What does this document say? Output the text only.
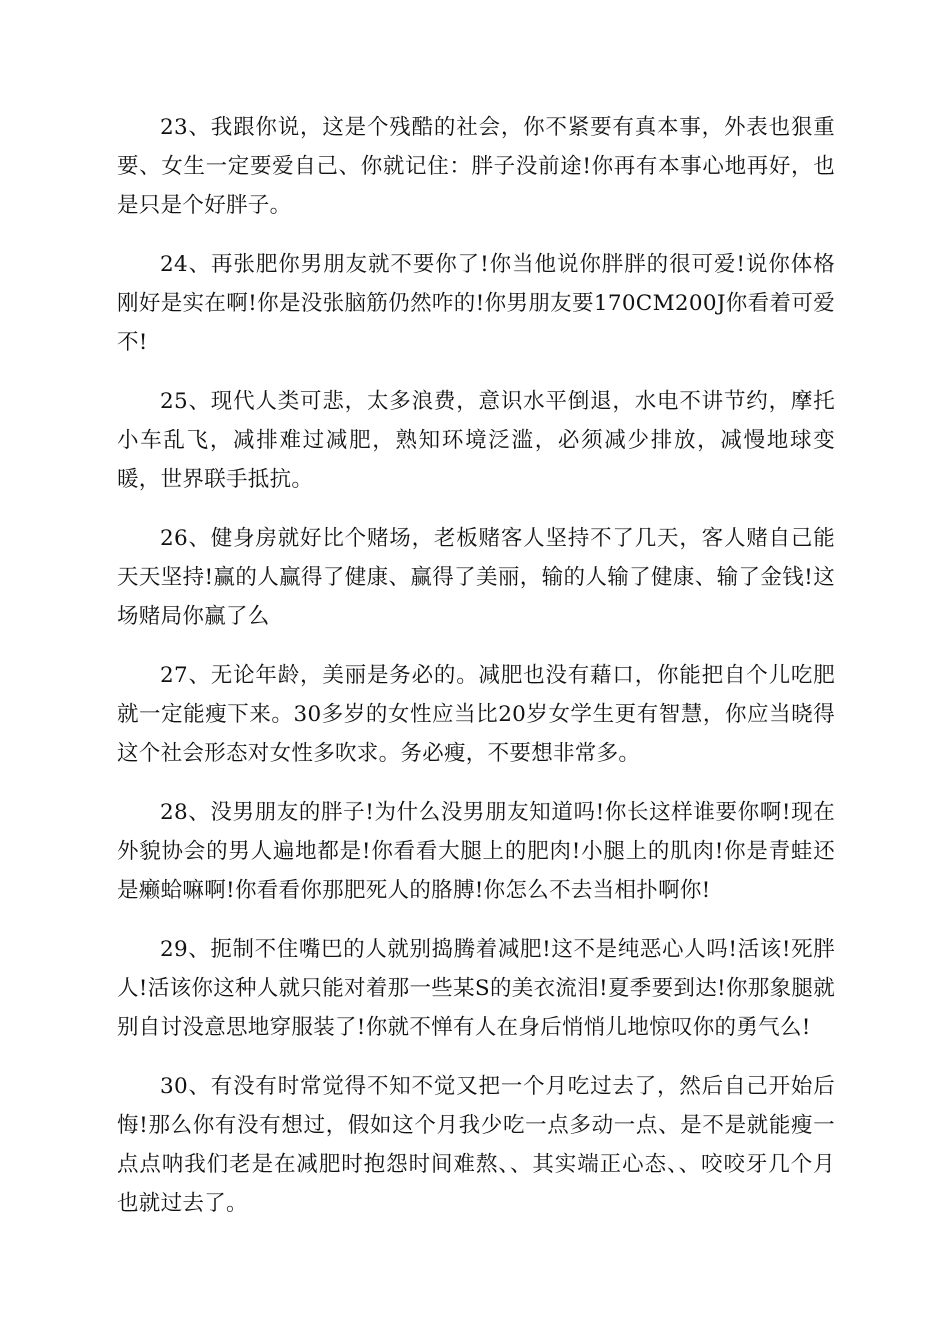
23、我跟你说，这是个残酷的社会，你不紧要有真本事，外表也狠重要、女生一定要爱自己、你就记住：胖子没前途!你再有本事心地再好，也是只是个好胖子。

24、再张肥你男朋友就不要你了!你当他说你胖胖的很可爱!说你体格刚好是实在啊!你是没张脑筋仍然咋的!你男朋友要170CM200J你看着可爱不!

25、现代人类可悲，太多浪费，意识水平倒退，水电不讲节约，摩托小车乱飞，减排难过减肥，熟知环境泛滥，必须减少排放，减慢地球变暖，世界联手抵抗。

26、健身房就好比个赌场，老板赌客人坚持不了几天，客人赌自己能天天坚持!赢的人赢得了健康、赢得了美丽，输的人输了健康、输了金钱!这场赌局你赢了么

27、无论年龄，美丽是务必的。减肥也没有藉口，你能把自个儿吃肥就一定能瘦下来。30多岁的女性应当比20岁女学生更有智慧，你应当晓得这个社会形态对女性多吹求。务必瘦，不要想非常多。

28、没男朋友的胖子!为什么没男朋友知道吗!你长这样谁要你啊!现在外貌协会的男人遍地都是!你看看大腿上的肥肉!小腿上的肌肉!你是青蛙还是癞蛤嘛啊!你看看你那肥死人的胳膊!你怎么不去当相扑啊你!

29、扼制不住嘴巴的人就别捣腾着减肥!这不是纯恶心人吗!活该!死胖人!活该你这种人就只能对着那一些某S的美衣流泪!夏季要到达!你那象腿就别自讨没意思地穿服装了!你就不惮有人在身后悄悄儿地惊叹你的勇气么!

30、有没有时常觉得不知不觉又把一个月吃过去了，然后自己开始后悔!那么你有没有想过，假如这个月我少吃一点多动一点、是不是就能瘦一点点呐我们老是在减肥时抱怨时间难熬、、其实端正心态、、咬咬牙几个月也就过去了。
